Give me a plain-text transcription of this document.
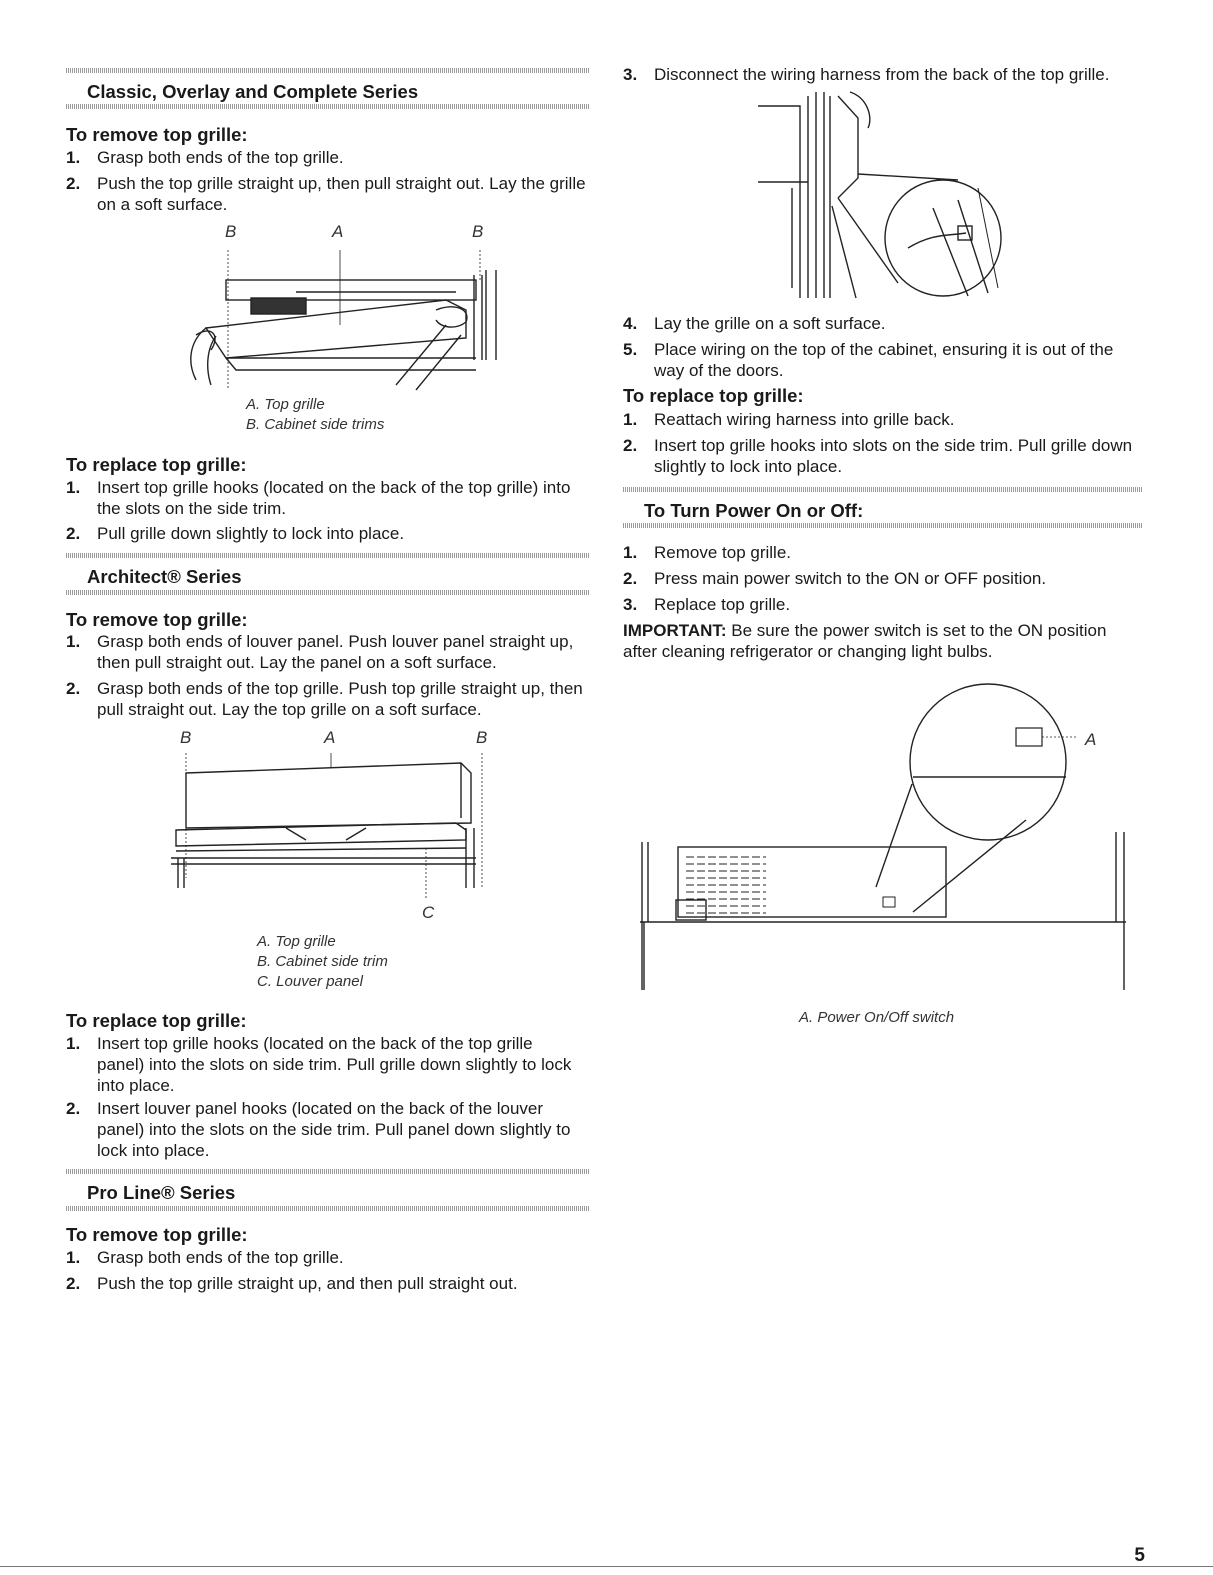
Classic, Overlay and Complete Series
To remove top grille:
1. Grasp both ends of the top grille.
2. Push the top grille straight up, then pull straight out. Lay the grille on a soft surface.
B	A	B
A. Top grille
B. Cabinet side trims
To replace top grille:
1. Insert top grille hooks (located on the back of the top grille) into the slots on the side trim.
2. Pull grille down slightly to lock into place.
Architect® Series
To remove top grille:
1. Grasp both ends of louver panel. Push louver panel straight up, then pull straight out. Lay the panel on a soft surface.
2. Grasp both ends of the top grille. Push top grille straight up, then pull straight out. Lay the top grille on a soft surface.
B	A	B
C
A. Top grille
B. Cabinet side trim
C. Louver panel
To replace top grille:
1. Insert top grille hooks (located on the back of the top grille panel) into the slots on side trim. Pull grille down slightly to lock into place.
2. Insert louver panel hooks (located on the back of the louver panel) into the slots on the side trim. Pull panel down slightly to lock into place.
Pro Line® Series
To remove top grille:
1. Grasp both ends of the top grille.
2. Push the top grille straight up, and then pull straight out.
3. Disconnect the wiring harness from the back of the top grille.
4. Lay the grille on a soft surface.
5. Place wiring on the top of the cabinet, ensuring it is out of the way of the doors.
To replace top grille:
1. Reattach wiring harness into grille back.
2. Insert top grille hooks into slots on the side trim. Pull grille down slightly to lock into place.
To Turn Power On or Off:
1. Remove top grille.
2. Press main power switch to the ON or OFF position.
3. Replace top grille.
IMPORTANT: Be sure the power switch is set to the ON position after cleaning refrigerator or changing light bulbs.
A
A. Power On/Off switch
5
